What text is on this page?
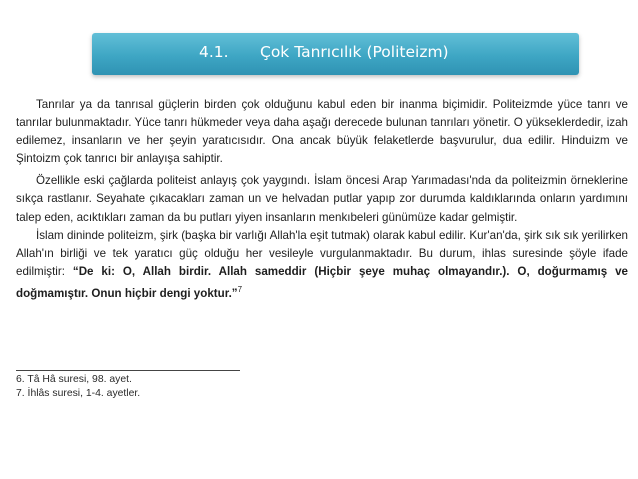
4.1. Çok Tanrıcılık (Politeizm)

Tanrılar ya da tanrısal güçlerin birden çok olduğunu kabul eden bir inanma biçimidir. Politeizmde yüce tanrı ve tanrılar bulunmaktadır. Yüce tanrı hükmeder veya daha aşağı derecede bulunan tanrıları yönetir. O yükseklerdedir, izah edilemez, insanların ve her şeyin yaratıcısıdır. Ona ancak büyük felaketlerde başvurulur, dua edilir. Hinduizm ve Şintoizm çok tanrıcı bir anlayışa sahiptir.

Özellikle eski çağlarda politeist anlayış çok yaygındı. İslam öncesi Arap Yarımadası'nda da politeizmin örneklerine sıkça rastlanır. Seyahate çıkacakları zaman un ve helvadan putlar yapıp zor durumda kaldıklarında onların yardımını talep eden, acıktıkları zaman da bu putları yiyen insanların menkıbeleri günümüze kadar gelmiştir.

İslam dininde politeizm, şirk (başka bir varlığı Allah'la eşit tutmak) olarak kabul edilir. Kur'an'da, şirk sık sık yerilirken Allah'ın birliği ve tek yaratıcı güç olduğu her vesileyle vurgulanmaktadır. Bu durum, ihlas suresinde şöyle ifade edilmiştir: “De ki: O, Allah birdir. Allah sameddir (Hiçbir şeye muhaç olmayandır.). O, doğurmamış ve doğmamıştır. Onun hiçbir dengi yoktur.”$^7$

6. Tâ Hâ suresi, 98. ayet.
7. İhlâs suresi, 1-4. ayetler.
